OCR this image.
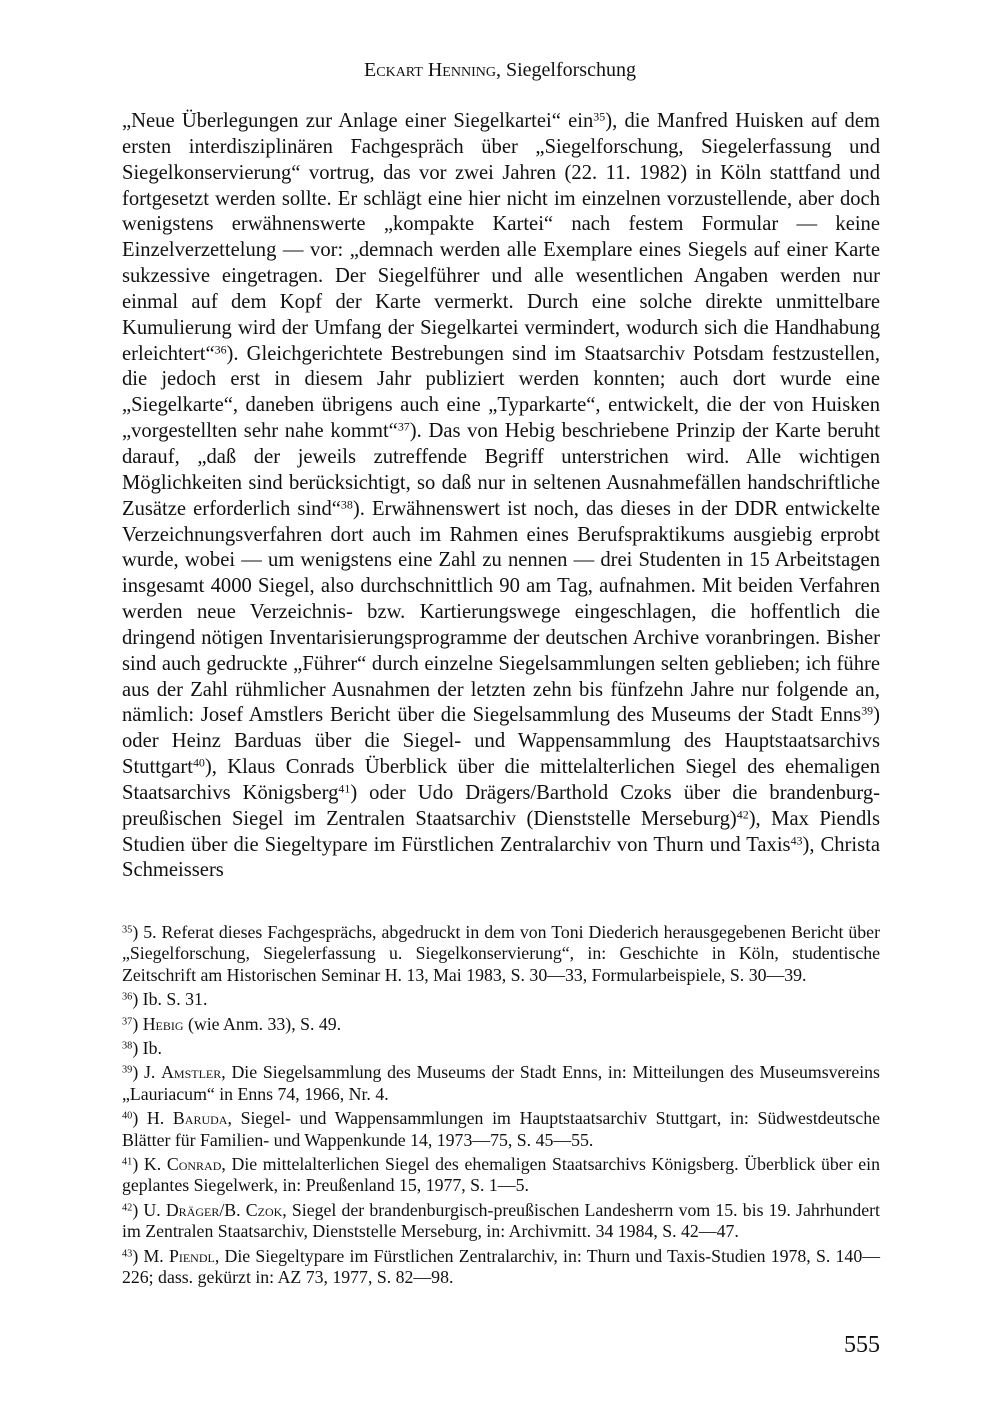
Eckart Henning, Siegelforschung

„Neue Überlegungen zur Anlage einer Siegelkartei“ ein$^{35}$), die Manfred Huisken auf dem ersten interdisziplinären Fachgespräch über „Siegelforschung, Siegelerfassung und Siegelkonservierung“ vortrug, das vor zwei Jahren (22. 11. 1982) in Köln stattfand und fortgesetzt werden sollte. Er schlägt eine hier nicht im einzelnen vorzustellende, aber doch wenigstens erwähnenswerte „kompakte Kartei“ nach festem Formular — keine Einzelverzettelung — vor: „demnach werden alle Exemplare eines Siegels auf einer Karte sukzessive eingetragen. Der Siegelführer und alle wesentlichen Angaben werden nur einmal auf dem Kopf der Karte vermerkt. Durch eine solche direkte unmittelbare Kumulierung wird der Umfang der Siegelkartei vermindert, wodurch sich die Handhabung erleichtert“$^{36}$). Gleichgerichtete Bestrebungen sind im Staatsarchiv Potsdam festzustellen, die jedoch erst in diesem Jahr publiziert werden konnten; auch dort wurde eine „Siegelkarte“, daneben übrigens auch eine „Typarkarte“, entwickelt, die der von Huisken „vorgestellten sehr nahe kommt“$^{37}$). Das von Hebig beschriebene Prinzip der Karte beruht darauf, „daß der jeweils zutreffende Begriff unterstrichen wird. Alle wichtigen Möglichkeiten sind berücksichtigt, so daß nur in seltenen Ausnahmefällen handschriftliche Zusätze erforderlich sind“$^{38}$). Erwähnenswert ist noch, das dieses in der DDR entwickelte Verzeichnungsverfahren dort auch im Rahmen eines Berufspraktikums ausgiebig erprobt wurde, wobei — um wenigstens eine Zahl zu nennen — drei Studenten in 15 Arbeitstagen insgesamt 4000 Siegel, also durchschnittlich 90 am Tag, aufnahmen. Mit beiden Verfahren werden neue Verzeichnis- bzw. Kartierungswege eingeschlagen, die hoffentlich die dringend nötigen Inventarisierungsprogramme der deutschen Archive voranbringen. Bisher sind auch gedruckte „Führer“ durch einzelne Siegelsammlungen selten geblieben; ich führe aus der Zahl rühmlicher Ausnahmen der letzten zehn bis fünfzehn Jahre nur folgende an, nämlich: Josef Amstlers Bericht über die Siegelsammlung des Museums der Stadt Enns$^{39}$) oder Heinz Barduas über die Siegel- und Wappensammlung des Hauptstaatsarchivs Stuttgart$^{40}$), Klaus Conrads Überblick über die mittelalterlichen Siegel des ehemaligen Staatsarchivs Königsberg$^{41}$) oder Udo Drägers/Barthold Czoks über die brandenburg-preußischen Siegel im Zentralen Staatsarchiv (Dienststelle Merseburg)$^{42}$), Max Piendls Studien über die Siegeltypare im Fürstlichen Zentralarchiv von Thurn und Taxis$^{43}$), Christa Schmeissers

$^{35}$) 5. Referat dieses Fachgesprächs, abgedruckt in dem von Toni Diederich herausgegebenen Bericht über „Siegelforschung, Siegelerfassung u. Siegelkonservierung“, in: Geschichte in Köln, studentische Zeitschrift am Historischen Seminar H. 13, Mai 1983, S. 30—33, Formularbeispiele, S. 30—39.

$^{36}$) Ib. S. 31.

$^{37}$) Hebig (wie Anm. 33), S. 49.

$^{38}$) Ib.

$^{39}$) J. Amstler, Die Siegelsammlung des Museums der Stadt Enns, in: Mitteilungen des Museumsvereins „Lauriacum“ in Enns 74, 1966, Nr. 4.

$^{40}$) H. Baruda, Siegel- und Wappensammlungen im Hauptstaatsarchiv Stuttgart, in: Südwestdeutsche Blätter für Familien- und Wappenkunde 14, 1973—75, S. 45—55.

$^{41}$) K. Conrad, Die mittelalterlichen Siegel des ehemaligen Staatsarchivs Königsberg. Überblick über ein geplantes Siegelwerk, in: Preußenland 15, 1977, S. 1—5.

$^{42}$) U. Dräger/B. Czok, Siegel der brandenburgisch-preußischen Landesherrn vom 15. bis 19. Jahrhundert im Zentralen Staatsarchiv, Dienststelle Merseburg, in: Archivmitt. 34 1984, S. 42—47.

$^{43}$) M. Piendl, Die Siegeltypare im Fürstlichen Zentralarchiv, in: Thurn und Taxis-Studien 1978, S. 140—226; dass. gekürzt in: AZ 73, 1977, S. 82—98.

555
